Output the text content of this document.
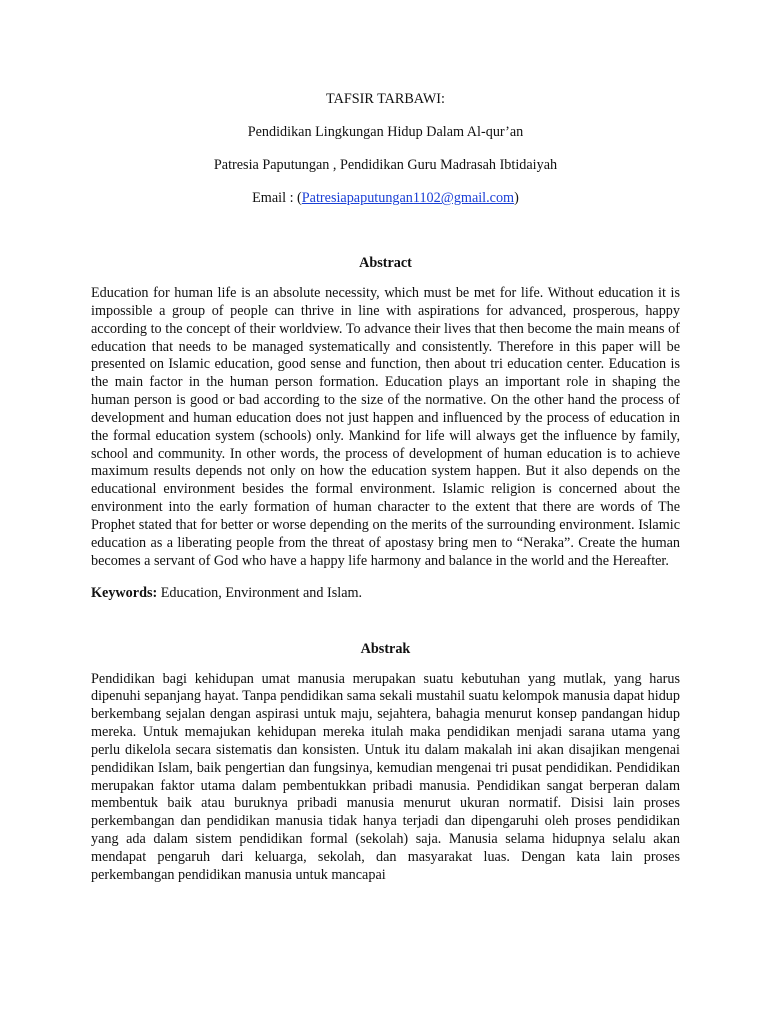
TAFSIR TARBAWI:
Pendidikan Lingkungan Hidup Dalam Al-qur’an
Patresia Paputungan , Pendidikan Guru Madrasah Ibtidaiyah
Email : (Patresiapaputungan1102@gmail.com)
Abstract

Education for human life is an absolute necessity, which must be met for life. Without education it is impossible a group of people can thrive in line with aspirations for advanced, prosperous, happy according to the concept of their worldview. To advance their lives that then become the main means of education that needs to be managed systematically and consistently. Therefore in this paper will be presented on Islamic education, good sense and function, then about tri education center. Education is the main factor in the human person formation. Education plays an important role in shaping the human person is good or bad according to the size of the normative. On the other hand the process of development and human education does not just happen and influenced by the process of education in the formal education system (schools) only. Mankind for life will always get the influence by family, school and community. In other words, the process of development of human education is to achieve maximum results depends not only on how the education system happen. But it also depends on the educational environment besides the formal environment. Islamic religion is concerned about the environment into the early formation of human character to the extent that there are words of The Prophet stated that for better or worse depending on the merits of the surrounding environment. Islamic education as a liberating people from the threat of apostasy bring men to “Neraka”. Create the human becomes a servant of God who have a happy life harmony and balance in the world and the Hereafter.

Keywords: Education, Environment and Islam.
Abstrak

Pendidikan bagi kehidupan umat manusia merupakan suatu kebutuhan yang mutlak, yang harus dipenuhi sepanjang hayat. Tanpa pendidikan sama sekali mustahil suatu kelompok manusia dapat hidup berkembang sejalan dengan aspirasi untuk maju, sejahtera, bahagia menurut konsep pandangan hidup mereka. Untuk memajukan kehidupan mereka itulah maka pendidikan menjadi sarana utama yang perlu dikelola secara sistematis dan konsisten. Untuk itu dalam makalah ini akan disajikan mengenai pendidikan Islam, baik pengertian dan fungsinya, kemudian mengenai tri pusat pendidikan. Pendidikan merupakan faktor utama dalam pembentukkan pribadi manusia. Pendidikan sangat berperan dalam membentuk baik atau buruknya pribadi manusia menurut ukuran normatif. Disisi lain proses perkembangan dan pendidikan manusia tidak hanya terjadi dan dipengaruhi oleh proses pendidikan yang ada dalam sistem pendidikan formal (sekolah) saja. Manusia selama hidupnya selalu akan mendapat pengaruh dari keluarga, sekolah, dan masyarakat luas. Dengan kata lain proses perkembangan pendidikan manusia untuk mancapai
